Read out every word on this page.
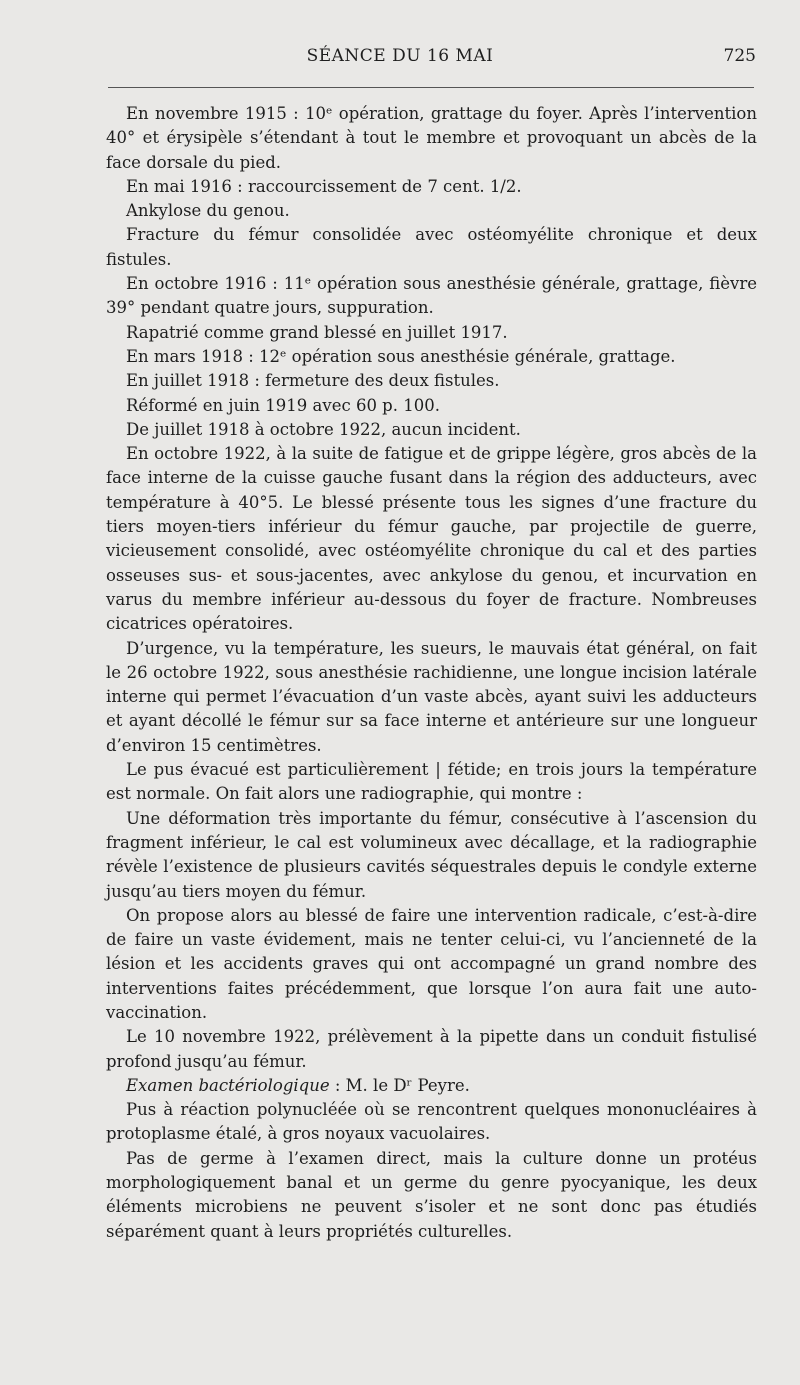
SÉANCE DU 16 MAI	725

En novembre 1915 : 10ᵉ opération, grattage du foyer. Après l’intervention 40° et érysipèle s’étendant à tout le membre et provoquant un abcès de la face dorsale du pied.

En mai 1916 : raccourcissement de 7 cent. 1/2.

Ankylose du genou.

Fracture du fémur consolidée avec ostéomyélite chronique et deux fistules.

En octobre 1916 : 11ᵉ opération sous anesthésie générale, grattage, fièvre 39° pendant quatre jours, suppuration.

Rapatrié comme grand blessé en juillet 1917.

En mars 1918 : 12ᵉ opération sous anesthésie générale, grattage.

En juillet 1918 : fermeture des deux fistules.

Réformé en juin 1919 avec 60 p. 100.

De juillet 1918 à octobre 1922, aucun incident.

En octobre 1922, à la suite de fatigue et de grippe légère, gros abcès de la face interne de la cuisse gauche fusant dans la région des adducteurs, avec température à 40°5. Le blessé présente tous les signes d’une fracture du tiers moyen-tiers inférieur du fémur gauche, par projectile de guerre, vicieusement consolidé, avec ostéomyélite chronique du cal et des parties osseuses sus- et sous-jacentes, avec ankylose du genou, et incurvation en varus du membre inférieur au-dessous du foyer de fracture. Nombreuses cicatrices opératoires.

D’urgence, vu la température, les sueurs, le mauvais état général, on fait le 26 octobre 1922, sous anesthésie rachidienne, une longue incision latérale interne qui permet l’évacuation d’un vaste abcès, ayant suivi les adducteurs et ayant décollé le fémur sur sa face interne et antérieure sur une longueur d’environ 15 centimètres.

Le pus évacué est particulièrement | fétide; en trois jours la température est normale. On fait alors une radiographie, qui montre :

Une déformation très importante du fémur, consécutive à l’ascension du fragment inférieur, le cal est volumineux avec décallage, et la radiographie révèle l’existence de plusieurs cavités séquestrales depuis le condyle externe jusqu’au tiers moyen du fémur.

On propose alors au blessé de faire une intervention radicale, c’est-à-dire de faire un vaste évidement, mais ne tenter celui-ci, vu l’ancienneté de la lésion et les accidents graves qui ont accompagné un grand nombre des interventions faites précédemment, que lorsque l’on aura fait une auto-vaccination.

Le 10 novembre 1922, prélèvement à la pipette dans un conduit fistulisé profond jusqu’au fémur.

Examen bactériologique : M. le Dʳ Peyre.

Pus à réaction polynucléée où se rencontrent quelques mononucléaires à protoplasme étalé, à gros noyaux vacuolaires.

Pas de germe à l’examen direct, mais la culture donne un protéus morphologiquement banal et un germe du genre pyocyanique, les deux éléments microbiens ne peuvent s’isoler et ne sont donc pas étudiés séparément quant à leurs propriétés culturelles.
